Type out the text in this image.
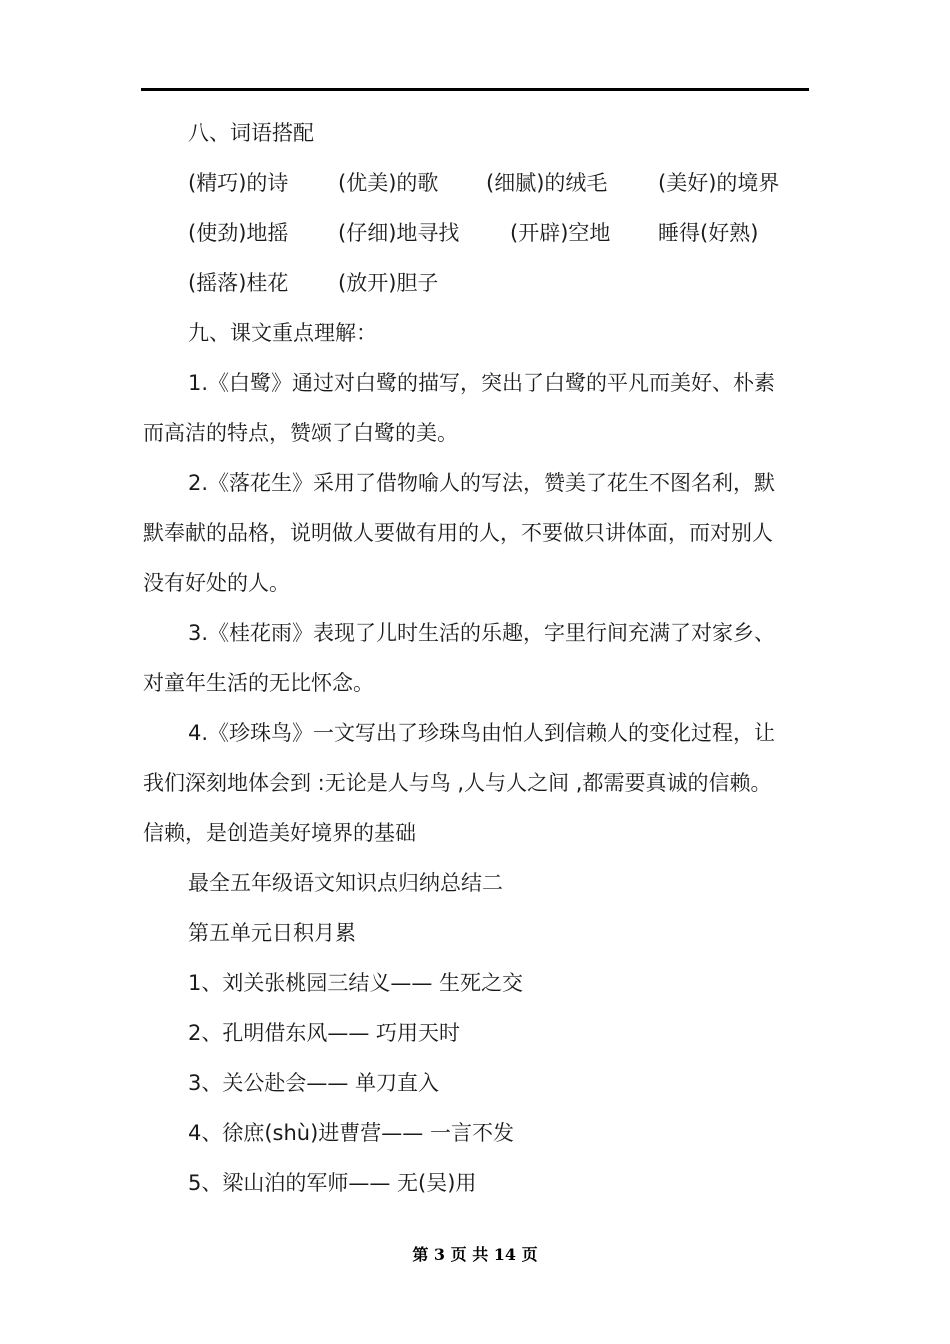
八、词语搭配
(精巧)的诗	(优美)的歌	(细腻)的绒毛	(美好)的境界
(使劲)地摇	(仔细)地寻找	(开辟)空地	睡得(好熟)
(摇落)桂花	(放开)胆子
九、课文重点理解：
1.《白鹭》通过对白鹭的描写，突出了白鹭的平凡而美好、朴素
而高洁的特点，赞颂了白鹭的美。
2.《落花生》采用了借物喻人的写法，赞美了花生不图名利，默
默奉献的品格，说明做人要做有用的人，不要做只讲体面，而对别人
没有好处的人。
3.《桂花雨》表现了儿时生活的乐趣，字里行间充满了对家乡、
对童年生活的无比怀念。
4.《珍珠鸟》一文写出了珍珠鸟由怕人到信赖人的变化过程，让
我们深刻地体会到 :无论是人与鸟 ,人与人之间 ,都需要真诚的信赖。
信赖，是创造美好境界的基础
最全五年级语文知识点归纳总结二
第五单元日积月累
1、刘关张桃园三结义—— 生死之交
2、孔明借东风—— 巧用天时
3、关公赴会—— 单刀直入
4、徐庶(shù)进曹营—— 一言不发
5、梁山泊的军师—— 无(吴)用
第 3 页 共 14 页
